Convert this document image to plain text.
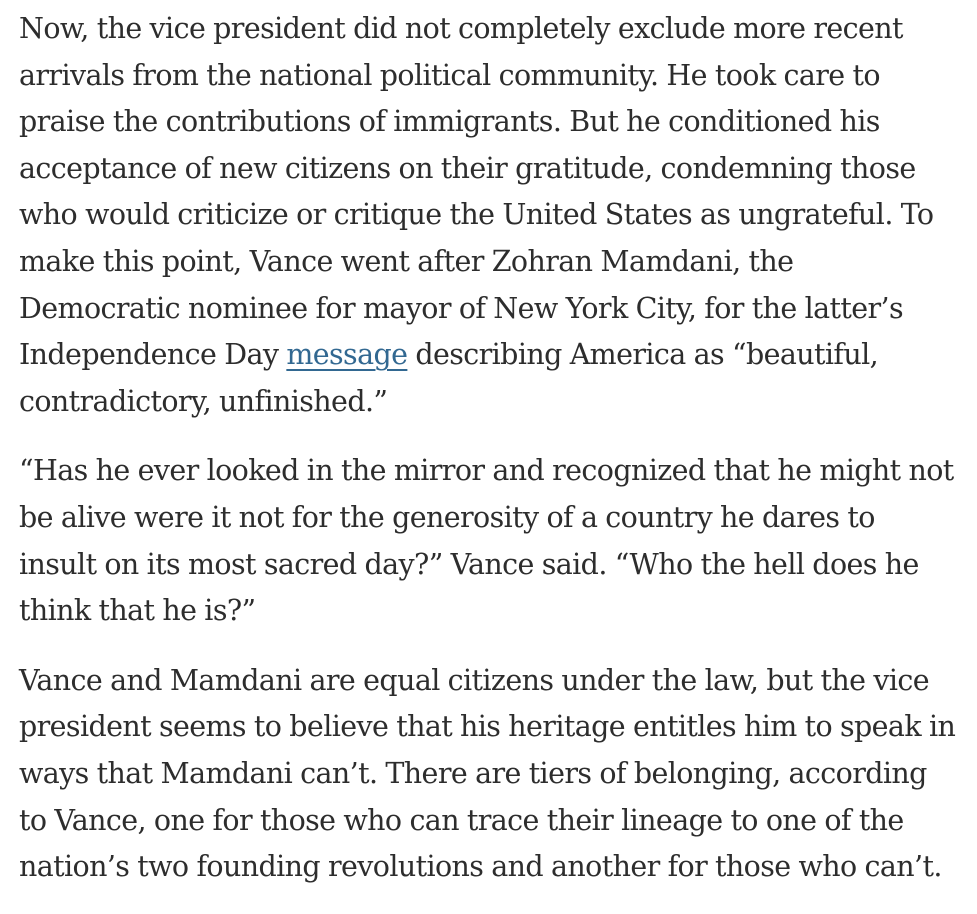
Now, the vice president did not completely exclude more recent
arrivals from the national political community. He took care to
praise the contributions of immigrants. But he conditioned his
acceptance of new citizens on their gratitude, condemning those
who would criticize or critique the United States as ungrateful. To
make this point, Vance went after Zohran Mamdani, the
Democratic nominee for mayor of New York City, for the latter’s
Independence Day message describing America as “beautiful,
contradictory, unfinished.”

“Has he ever looked in the mirror and recognized that he might not
be alive were it not for the generosity of a country he dares to
insult on its most sacred day?” Vance said. “Who the hell does he
think that he is?”

Vance and Mamdani are equal citizens under the law, but the vice
president seems to believe that his heritage entitles him to speak in
ways that Mamdani can’t. There are tiers of belonging, according
to Vance, one for those who can trace their lineage to one of the
nation’s two founding revolutions and another for those who can’t.
